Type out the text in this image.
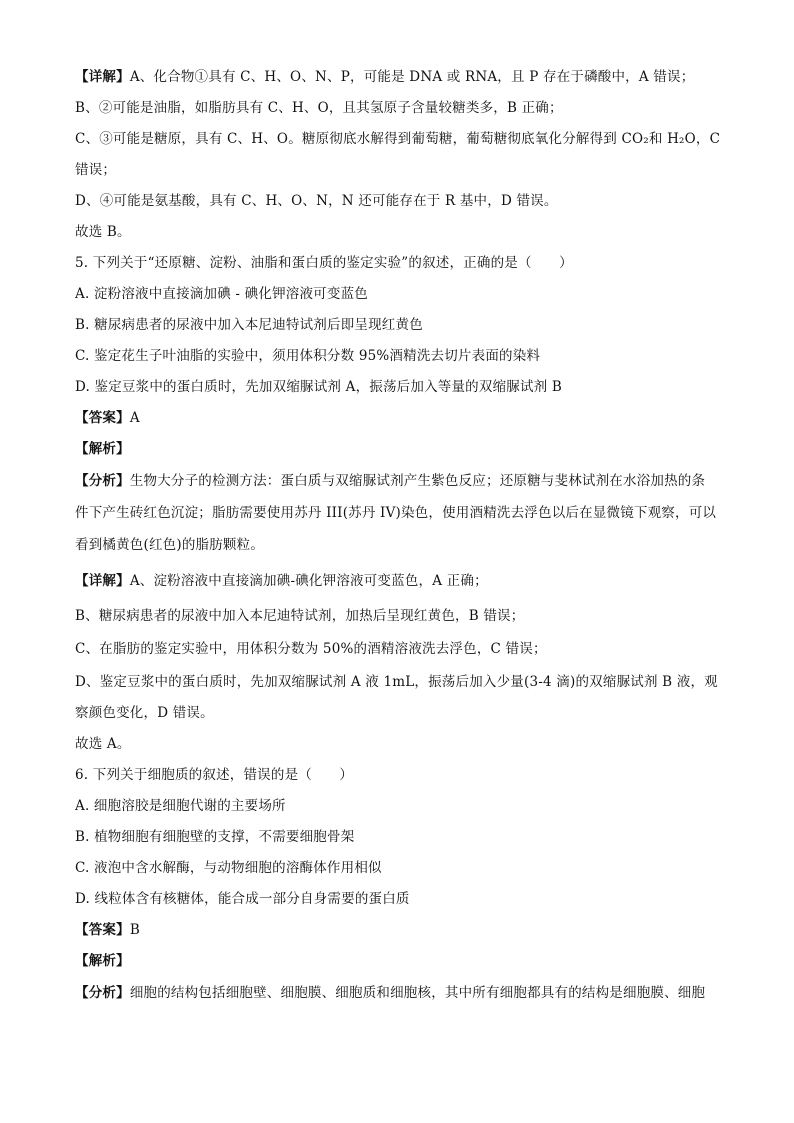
【详解】A、化合物①具有 C、H、O、N、P，可能是 DNA 或 RNA，且 P 存在于磷酸中，A 错误；
B、②可能是油脂，如脂肪具有 C、H、O，且其氢原子含量较糖类多，B 正确；
C、③可能是糖原，具有 C、H、O。糖原彻底水解得到葡萄糖，葡萄糖彻底氧化分解得到 CO₂和 H₂O，C
错误；
D、④可能是氨基酸，具有 C、H、O、N，N 还可能存在于 R 基中，D 错误。
故选 B。
5. 下列关于“还原糖、淀粉、油脂和蛋白质的鉴定实验”的叙述，正确的是（　　）
A. 淀粉溶液中直接滴加碘 - 碘化钾溶液可变蓝色
B. 糖尿病患者的尿液中加入本尼迪特试剂后即呈现红黄色
C. 鉴定花生子叶油脂的实验中，须用体积分数 95%酒精洗去切片表面的染料
D. 鉴定豆浆中的蛋白质时，先加双缩脲试剂 A，振荡后加入等量的双缩脲试剂 B
【答案】A
【解析】
【分析】生物大分子的检测方法：蛋白质与双缩脲试剂产生紫色反应；还原糖与斐林试剂在水浴加热的条
件下产生砖红色沉淀；脂肪需要使用苏丹 III(苏丹 IV)染色，使用酒精洗去浮色以后在显微镜下观察，可以
看到橘黄色(红色)的脂肪颗粒。
【详解】A、淀粉溶液中直接滴加碘-碘化钾溶液可变蓝色，A 正确；
B、糖尿病患者的尿液中加入本尼迪特试剂，加热后呈现红黄色，B 错误；
C、在脂肪的鉴定实验中，用体积分数为 50%的酒精溶液洗去浮色，C 错误；
D、鉴定豆浆中的蛋白质时，先加双缩脲试剂 A 液 1mL，振荡后加入少量(3-4 滴)的双缩脲试剂 B 液，观
察颜色变化，D 错误。
故选 A。
6. 下列关于细胞质的叙述，错误的是（　　）
A. 细胞溶胶是细胞代谢的主要场所
B. 植物细胞有细胞壁的支撑，不需要细胞骨架
C. 液泡中含水解酶，与动物细胞的溶酶体作用相似
D. 线粒体含有核糖体，能合成一部分自身需要的蛋白质
【答案】B
【解析】
【分析】细胞的结构包括细胞壁、细胞膜、细胞质和细胞核，其中所有细胞都具有的结构是细胞膜、细胞
